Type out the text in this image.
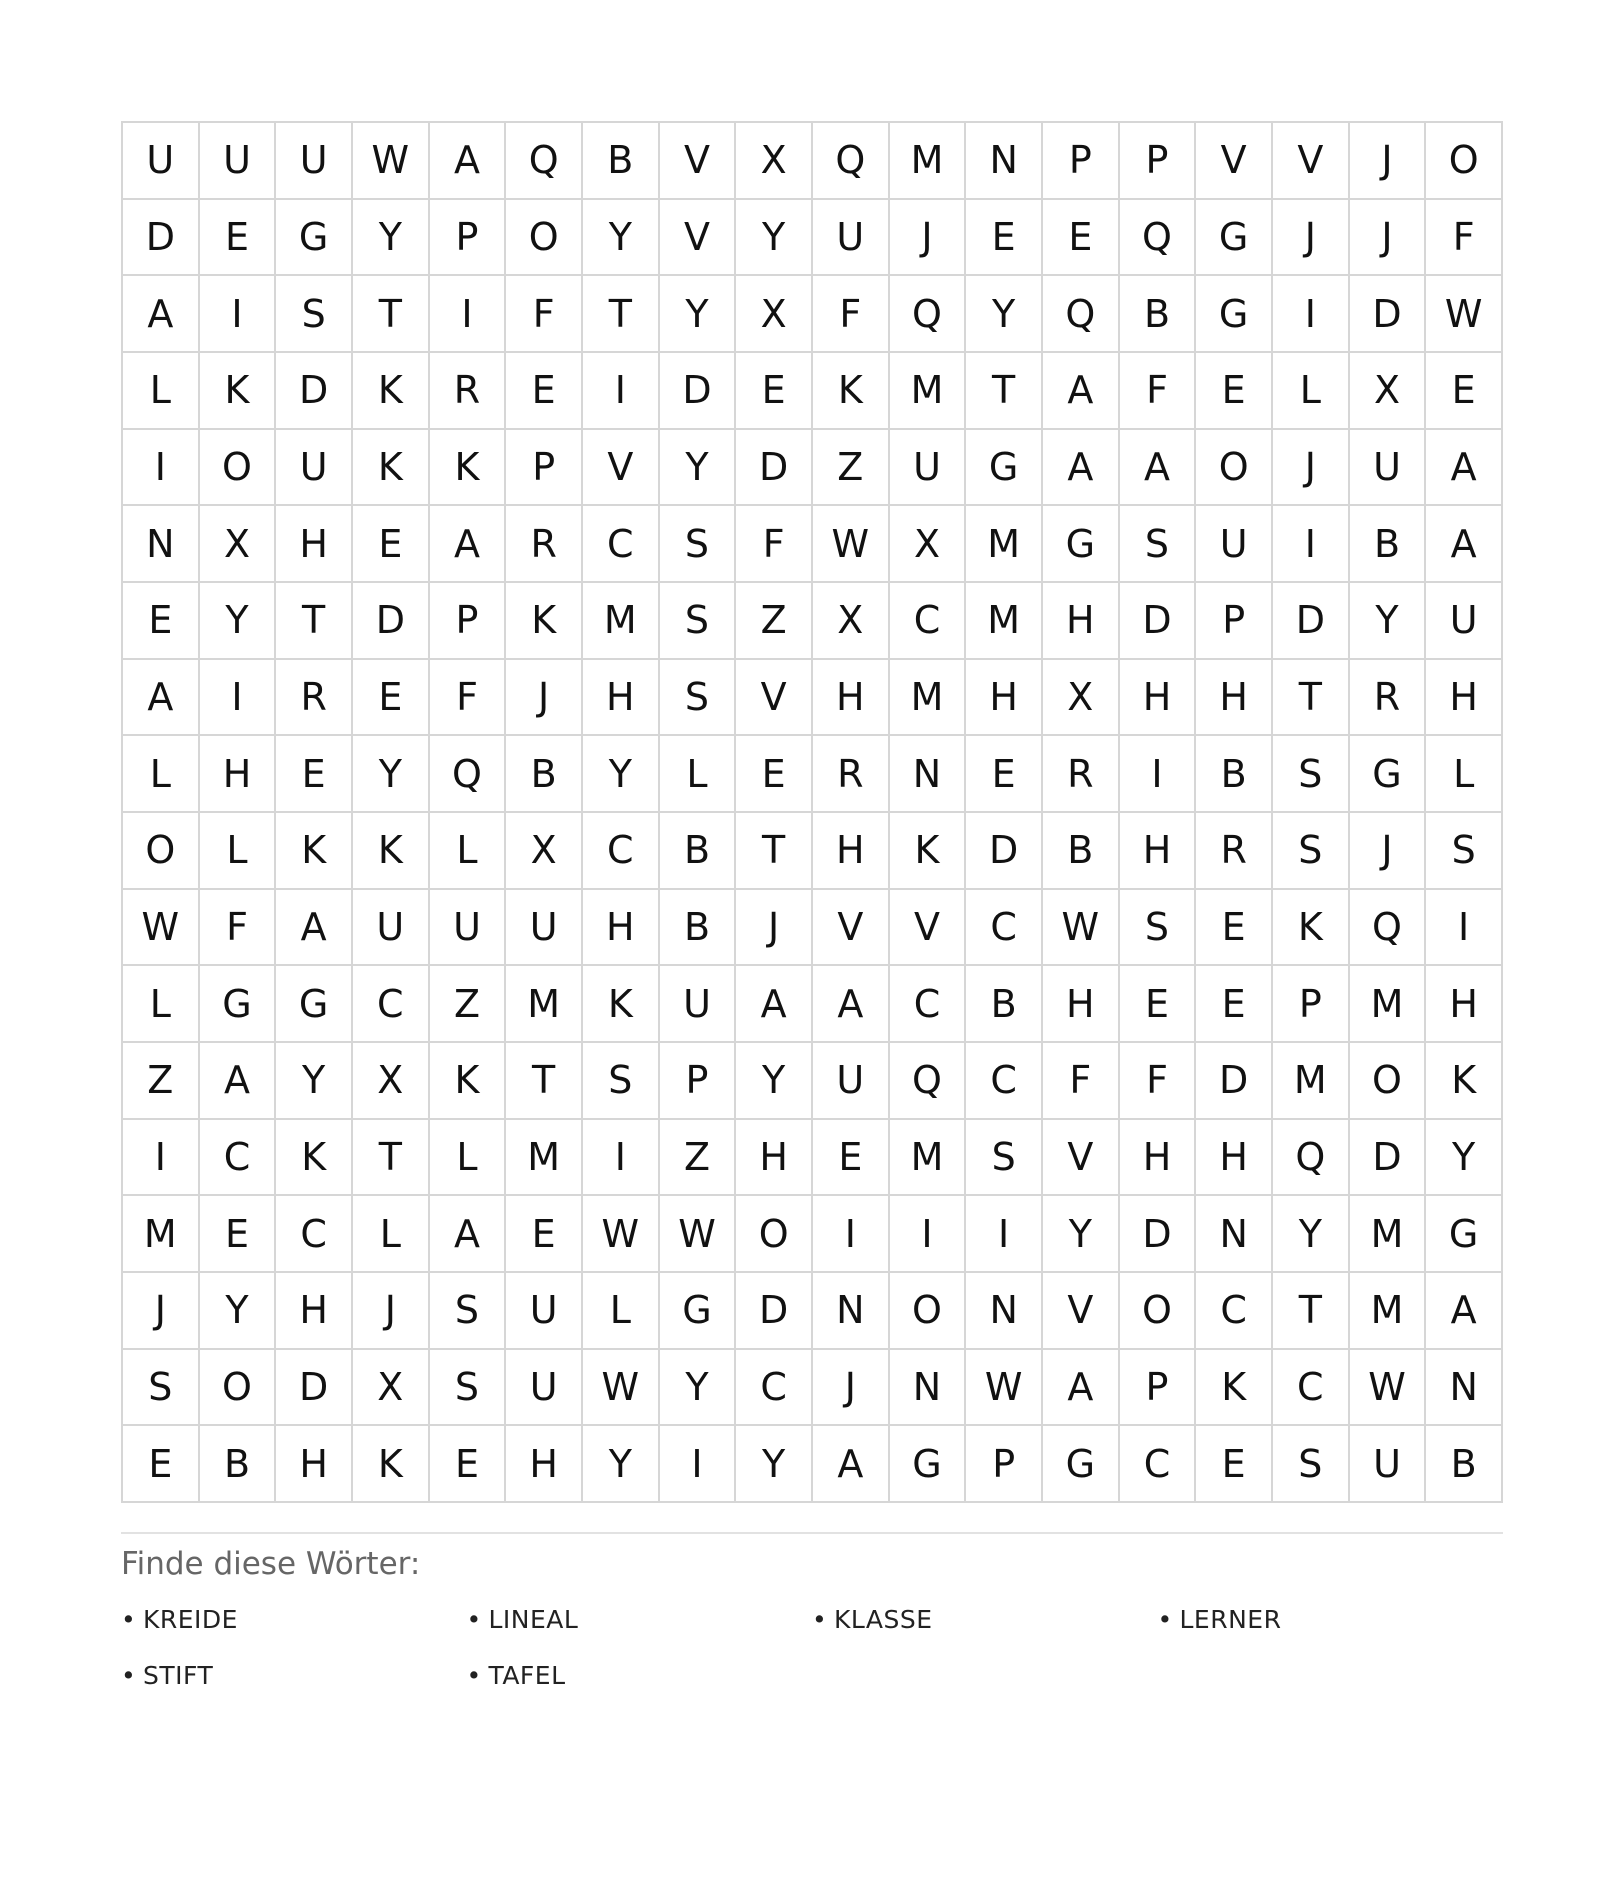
U	U	U	W	A	Q	B	V	X	Q	M	N	P	P	V	V	J	O
D	E	G	Y	P	O	Y	V	Y	U	J	E	E	Q	G	J	J	F
A	I	S	T	I	F	T	Y	X	F	Q	Y	Q	B	G	I	D	W
L	K	D	K	R	E	I	D	E	K	M	T	A	F	E	L	X	E
I	O	U	K	K	P	V	Y	D	Z	U	G	A	A	O	J	U	A
N	X	H	E	A	R	C	S	F	W	X	M	G	S	U	I	B	A
E	Y	T	D	P	K	M	S	Z	X	C	M	H	D	P	D	Y	U
A	I	R	E	F	J	H	S	V	H	M	H	X	H	H	T	R	H
L	H	E	Y	Q	B	Y	L	E	R	N	E	R	I	B	S	G	L
O	L	K	K	L	X	C	B	T	H	K	D	B	H	R	S	J	S
W	F	A	U	U	U	H	B	J	V	V	C	W	S	E	K	Q	I
L	G	G	C	Z	M	K	U	A	A	C	B	H	E	E	P	M	H
Z	A	Y	X	K	T	S	P	Y	U	Q	C	F	F	D	M	O	K
I	C	K	T	L	M	I	Z	H	E	M	S	V	H	H	Q	D	Y
M	E	C	L	A	E	W	W	O	I	I	I	Y	D	N	Y	M	G
J	Y	H	J	S	U	L	G	D	N	O	N	V	O	C	T	M	A
S	O	D	X	S	U	W	Y	C	J	N	W	A	P	K	C	W	N
E	B	H	K	E	H	Y	I	Y	A	G	P	G	C	E	S	U	B
Finde diese Wörter:
• KREIDE	• LINEAL	• KLASSE	• LERNER
• STIFT	• TAFEL
